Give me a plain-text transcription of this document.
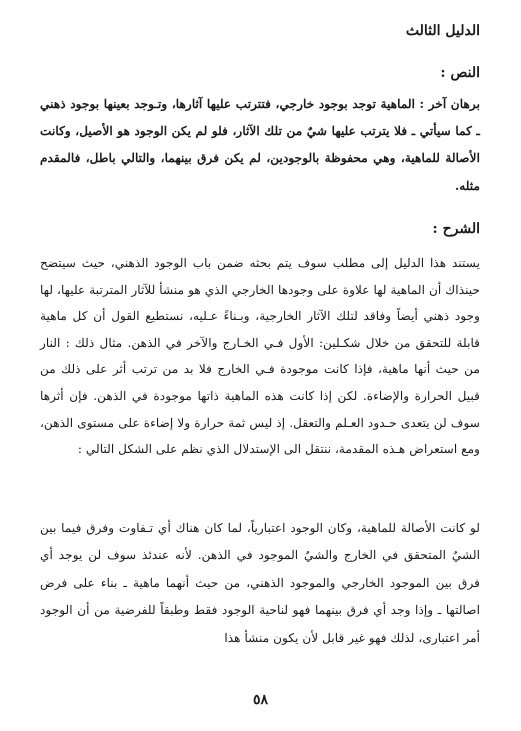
الدليل الثالث
النص :
برهان آخر : الماهية توجد بوجود خارجي، فتترتب عليها آثارها، وتـوجد بعينها بوجود ذهني ـ كما سيأتي ـ فلا يترتب عليها شيٌ من تلك الآثار، فلو لم يكن الوجود هو الأصيل، وكانت الأصالة للماهية، وهي محفوظة بالوجودين، لم يكن فرق بينهما، والتالي باطل، فالمقدم مثله.
الشرح :
يستند هذا الدليل إلى مطلب سوف يتم بحثه ضمن باب الوجود الذهني، حيث سيتضح حينذاك أن الماهية لها علاوة على وجودها الخارجي الذي هو منشأ للآثار المترتبة عليها، لها وجود ذهني أيضاً وفاقد لتلك الآثار الخارجية، وبـناءً عـليه، نستطيع القول أن كل ماهية قابلة للتحقق من خلال شكـلين: الأول فـي الخـارج والآخر في الذهن. مثال ذلك : النار من حيث أنها ماهية، فإذا كانت موجودة فـي الخارج فلا بد من ترتب أثر على ذلك من قبيل الحرارة والإضاءة. لكن إذا كانت هذه الماهية ذاتها موجودة في الذهن. فإن أثرها سوف لن يتعدى حـدود العـلم والتعقل. إذ ليس ثمة حرارة ولا إضاءة على مستوى الذهن، ومع استعراض هـذه المقدمة، ننتقل الى الإستدلال الذي نظم على الشكل التالي :
لو كانت الأصالة للماهية، وكان الوجود اعتبارياً، لما كان هناك أي تـفاوت وفرق فيما بين الشيٌ المتحقق في الخارج والشيٌ الموجود في الذهن. لأنه عندئذ سوف لن يوجد أي فرق بين الموجود الخارجي والموجود الذهني، من حيث أنهما ماهية ـ بناء على فرض اصالتها ـ وإذا وجد أي فرق بينهما فهو لناحية الوجود فقط وطبقاً للفرضية من أن الوجود أمر اعتبارى، لذلك فهو غير قابل لأن يكون منشأ هذا
٥٨
